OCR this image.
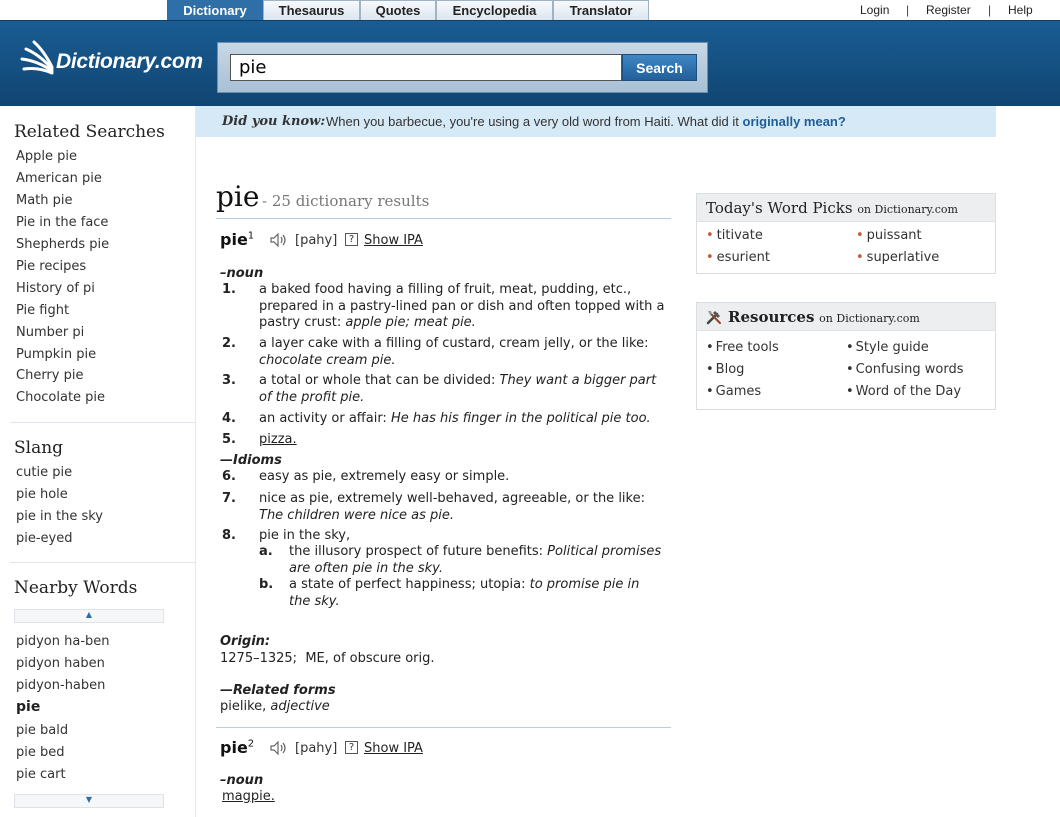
Dictionary	Thesaurus	Quotes	Encyclopedia	Translator	Login | Register | Help
Dictionary.com
pie	Search
Related Searches
Apple pie
American pie
Math pie
Pie in the face
Shepherds pie
Pie recipes
History of pi
Pie fight
Number pi
Pumpkin pie
Cherry pie
Chocolate pie
Slang
cutie pie
pie hole
pie in the sky
pie-eyed
Nearby Words
▲
pidyon ha-ben
pidyon haben
pidyon-haben
pie
pie bald
pie bed
pie cart
▼
Did you know: When you barbecue, you're using a very old word from Haiti. What did it originally mean?
pie - 25 dictionary results
pie$^1$	[pahy]	? Show IPA
–noun
1. a baked food having a filling of fruit, meat, pudding, etc., prepared in a pastry-lined pan or dish and often topped with a pastry crust: apple pie; meat pie.
2. a layer cake with a filling of custard, cream jelly, or the like: chocolate cream pie.
3. a total or whole that can be divided: They want a bigger part of the profit pie.
4. an activity or affair: He has his finger in the political pie too.
5. pizza.
—Idioms
6. easy as pie, extremely easy or simple.
7. nice as pie, extremely well-behaved, agreeable, or the like: The children were nice as pie.
8. pie in the sky,
a. the illusory prospect of future benefits: Political promises are often pie in the sky.
b. a state of perfect happiness; utopia: to promise pie in the sky.
Origin:
1275–1325;  ME, of obscure orig.
—Related forms
pielike, adjective
pie$^2$	[pahy]	? Show IPA
–noun
magpie.
Today's Word Picks on Dictionary.com
• titivate	• puissant
• esurient	• superlative
Resources on Dictionary.com
• Free tools	• Style guide
• Blog	• Confusing words
• Games	• Word of the Day
